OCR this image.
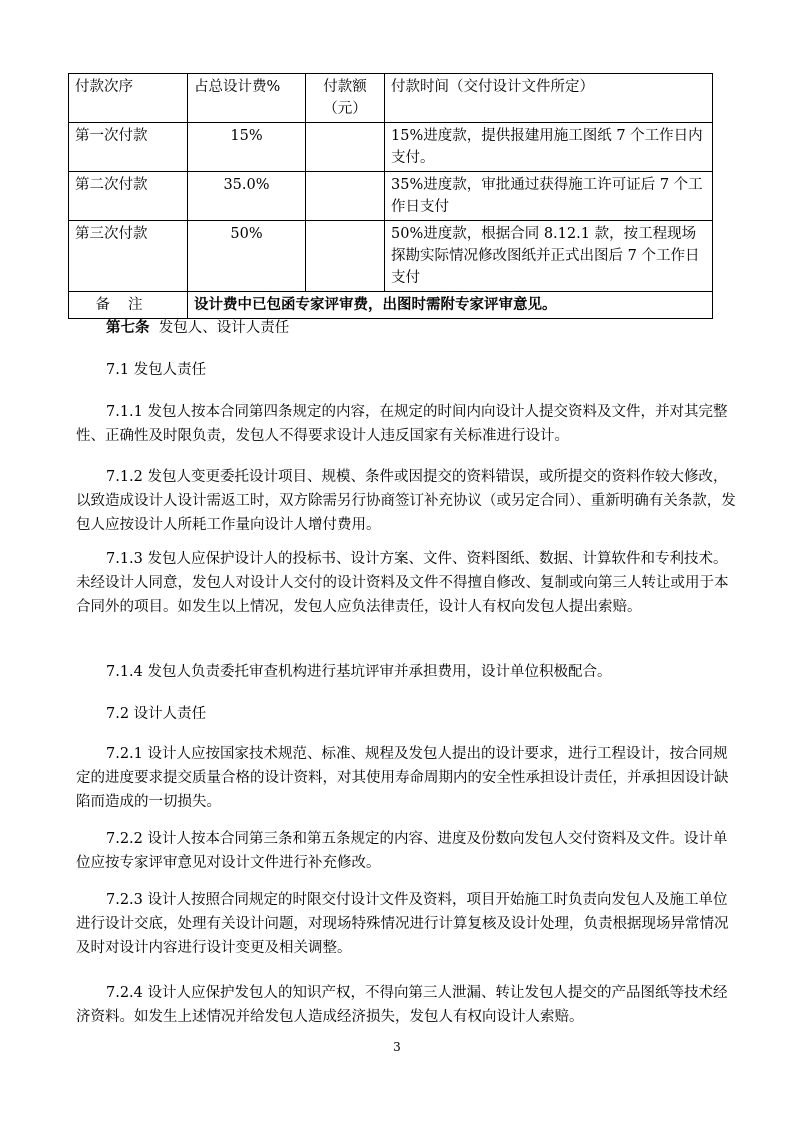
付款次序	占总设计费%	付款额（元）	付款时间（交付设计文件所定）
第一次付款	15%		15%进度款，提供报建用施工图纸 7 个工作日内支付。
第二次付款	35.0%		35%进度款，审批通过获得施工许可证后 7 个工作日支付
第三次付款	50%		50%进度款，根据合同 8.12.1 款，按工程现场探勘实际情况修改图纸并正式出图后 7 个工作日支付
备注	设计费中已包函专家评审费，出图时需附专家评审意见。		
第七条 发包人、设计人责任
7.1 发包人责任
7.1.1 发包人按本合同第四条规定的内容，在规定的时间内向设计人提交资料及文件，并对其完整性、正确性及时限负责，发包人不得要求设计人违反国家有关标准进行设计。
7.1.2 发包人变更委托设计项目、规模、条件或因提交的资料错误，或所提交的资料作较大修改，以致造成设计人设计需返工时，双方除需另行协商签订补充协议（或另定合同）、重新明确有关条款，发包人应按设计人所耗工作量向设计人增付费用。
7.1.3 发包人应保护设计人的投标书、设计方案、文件、资料图纸、数据、计算软件和专利技术。未经设计人同意，发包人对设计人交付的设计资料及文件不得擅自修改、复制或向第三人转让或用于本合同外的项目。如发生以上情况，发包人应负法律责任，设计人有权向发包人提出索赔。
7.1.4 发包人负责委托审查机构进行基坑评审并承担费用，设计单位积极配合。
7.2 设计人责任
7.2.1 设计人应按国家技术规范、标准、规程及发包人提出的设计要求，进行工程设计，按合同规定的进度要求提交质量合格的设计资料，对其使用寿命周期内的安全性承担设计责任，并承担因设计缺陷而造成的一切损失。
7.2.2 设计人按本合同第三条和第五条规定的内容、进度及份数向发包人交付资料及文件。设计单位应按专家评审意见对设计文件进行补充修改。
7.2.3 设计人按照合同规定的时限交付设计文件及资料，项目开始施工时负责向发包人及施工单位进行设计交底，处理有关设计问题，对现场特殊情况进行计算复核及设计处理，负责根据现场异常情况及时对设计内容进行设计变更及相关调整。
7.2.4 设计人应保护发包人的知识产权，不得向第三人泄漏、转让发包人提交的产品图纸等技术经济资料。如发生上述情况并给发包人造成经济损失，发包人有权向设计人索赔。
3
